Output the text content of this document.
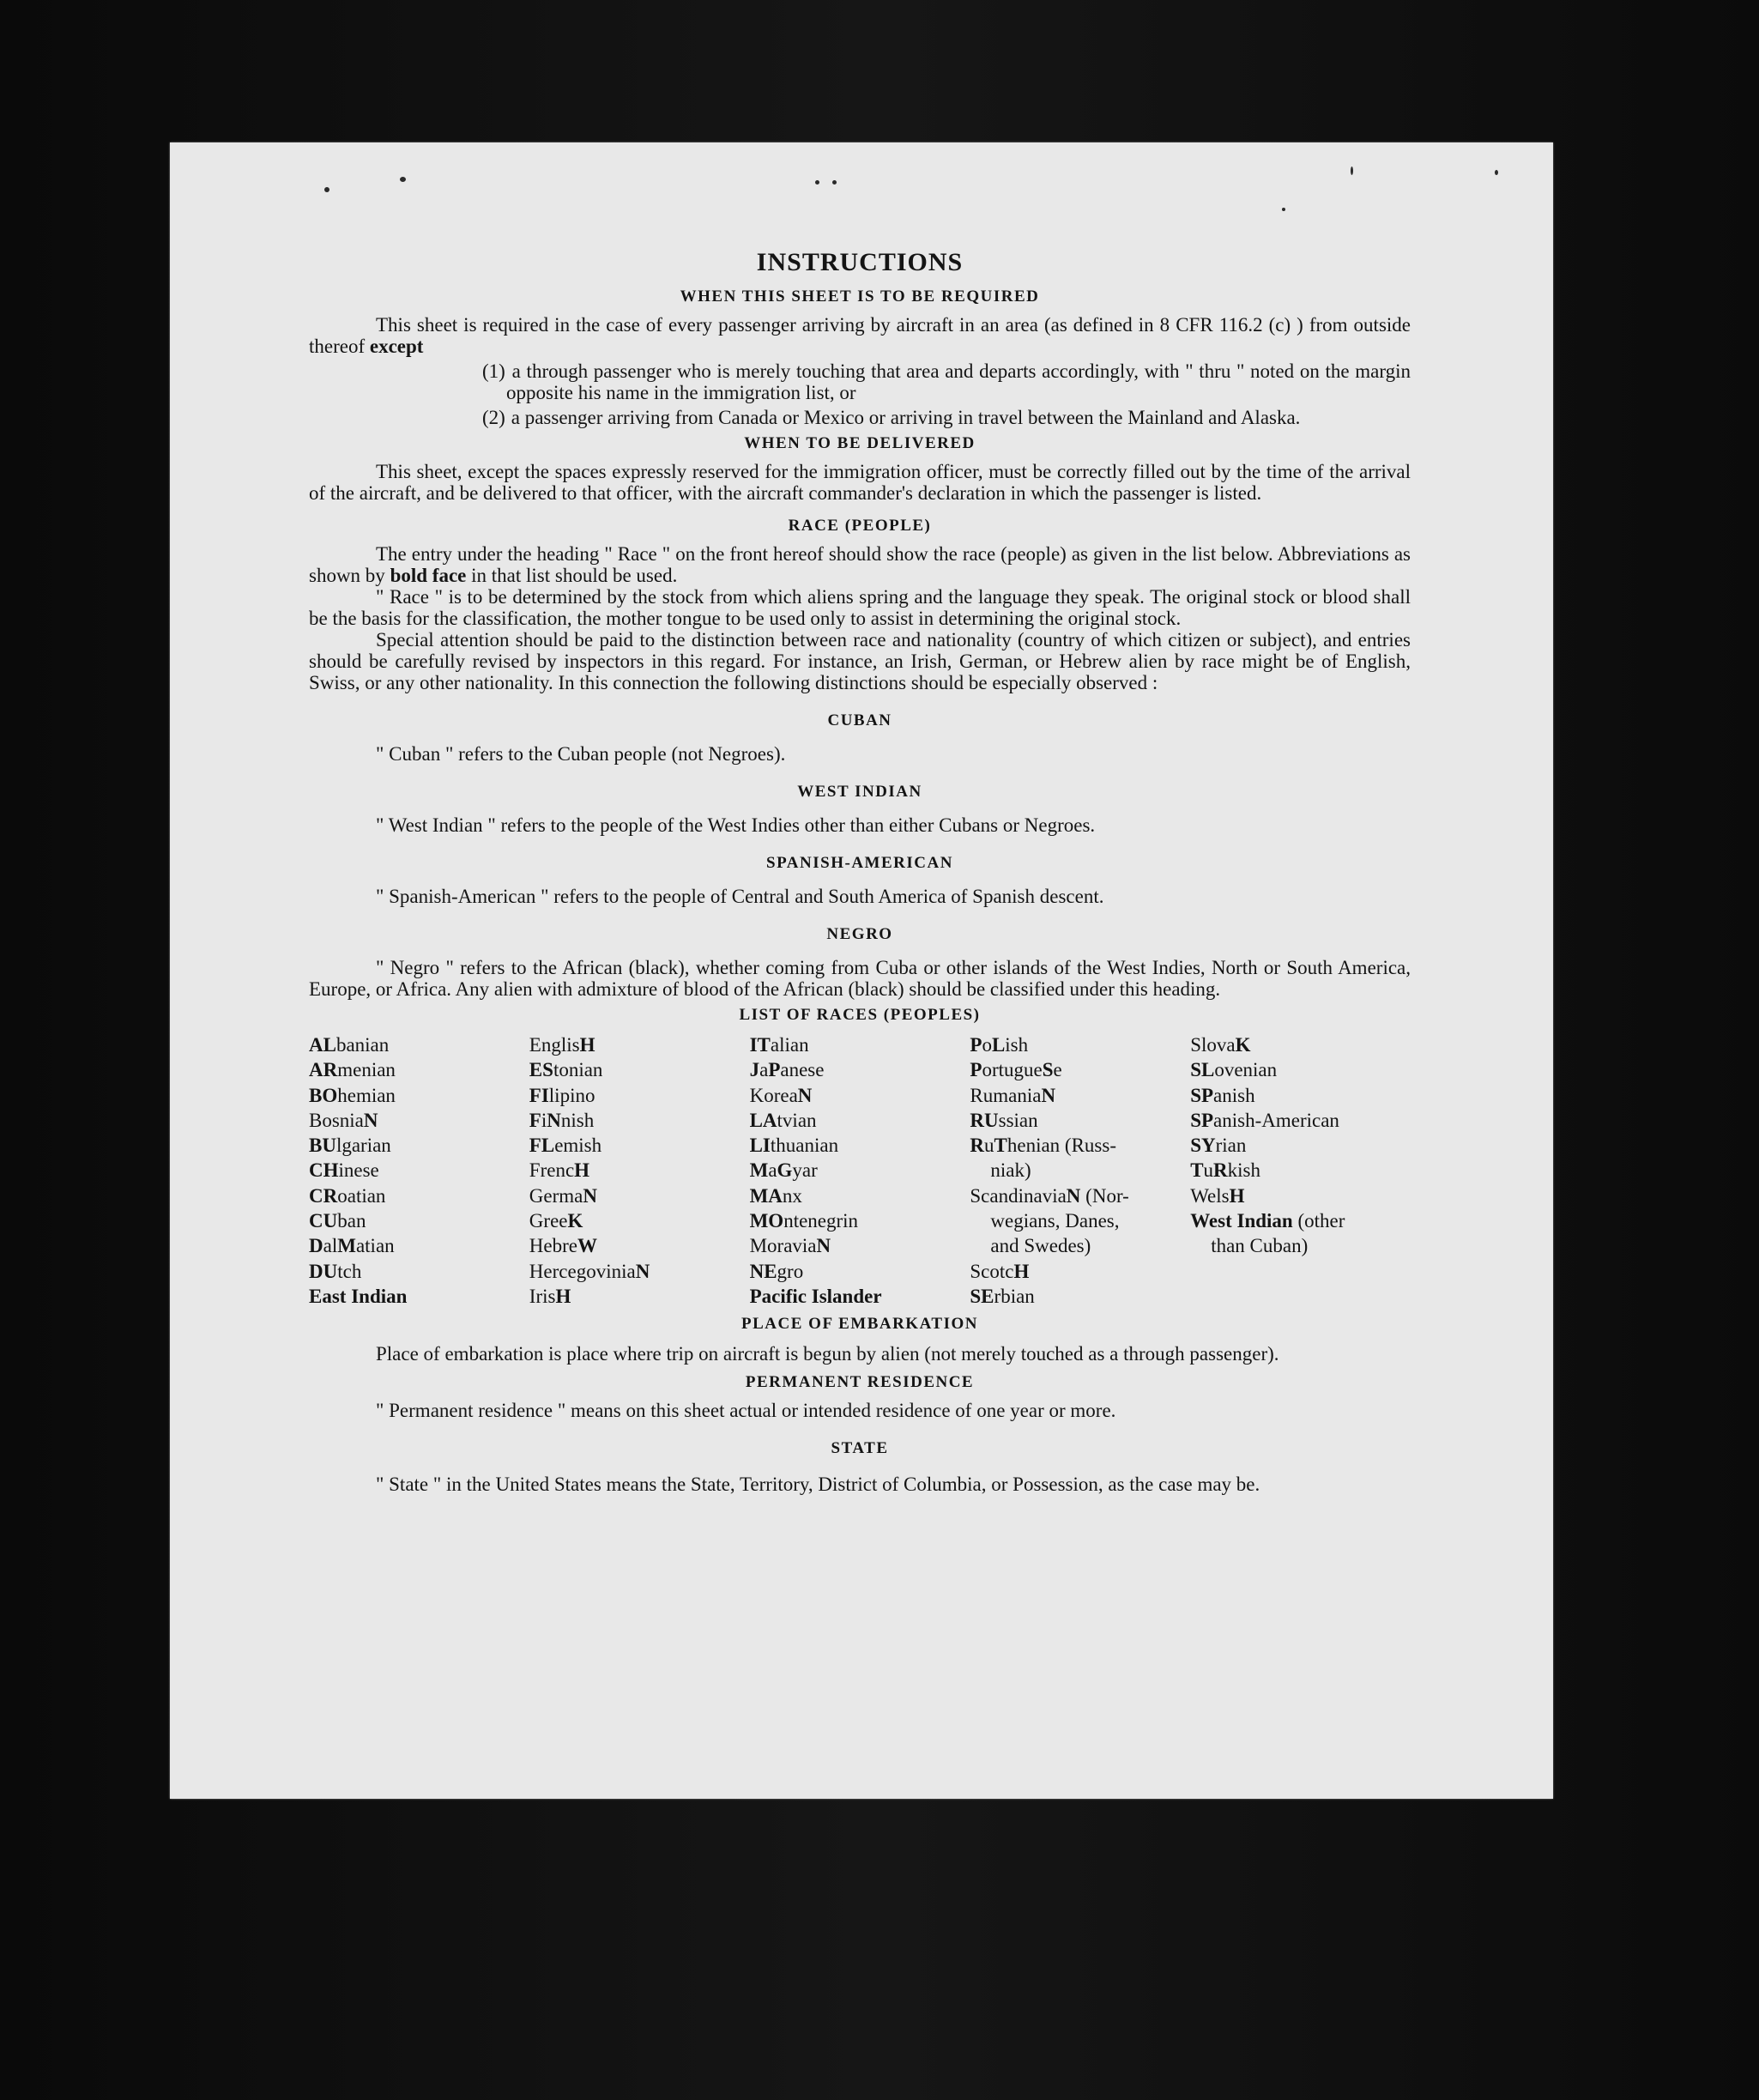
INSTRUCTIONS
WHEN THIS SHEET IS TO BE REQUIRED

This sheet is required in the case of every passenger arriving by aircraft in an area (as defined in 8 CFR 116.2 (c) ) from outside thereof except

(1) a through passenger who is merely touching that area and departs accordingly, with " thru " noted on the margin opposite his name in the immigration list, or

(2) a passenger arriving from Canada or Mexico or arriving in travel between the Mainland and Alaska.

WHEN TO BE DELIVERED

This sheet, except the spaces expressly reserved for the immigration officer, must be correctly filled out by the time of the arrival of the aircraft, and be delivered to that officer, with the aircraft commander's declaration in which the passenger is listed.

RACE (PEOPLE)

The entry under the heading " Race " on the front hereof should show the race (people) as given in the list below. Abbreviations as shown by bold face in that list should be used.

" Race " is to be determined by the stock from which aliens spring and the language they speak. The original stock or blood shall be the basis for the classification, the mother tongue to be used only to assist in determining the original stock.

Special attention should be paid to the distinction between race and nationality (country of which citizen or subject), and entries should be carefully revised by inspectors in this regard. For instance, an Irish, German, or Hebrew alien by race might be of English, Swiss, or any other nationality. In this connection the following distinctions should be especially observed :

CUBAN

" Cuban " refers to the Cuban people (not Negroes).

WEST INDIAN

" West Indian " refers to the people of the West Indies other than either Cubans or Negroes.

SPANISH-AMERICAN

" Spanish-American " refers to the people of Central and South America of Spanish descent.

NEGRO

" Negro " refers to the African (black), whether coming from Cuba or other islands of the West Indies, North or South America, Europe, or Africa. Any alien with admixture of blood of the African (black) should be classified under this heading.

LIST OF RACES (PEOPLES)
ALbanian
ARmenian
BOhemian
BosniaN
BUlgarian
CHinese
CRoatian
CUban
DalMatian
DUtch
East Indian
EnglisH
EStonian
FIlipino
FiNnish
FLemish
FrencH
GermaN
GreeK
HebreW
HercegoviniaN
IrisH
ITalian
JaPanese
KoreaN
LAtvian
LIthuanian
MaGyar
MAnx
MOntenegrin
MoraviaN
NEgro
Pacific Islander
PoLish
PortugueSe
RumaniaN
RUssian
RuThenian (Russ-
niak)
ScandinaviaN (Nor-
wegians, Danes,
and Swedes)
ScotcH
SErbian
SlovaK
SLovenian
SPanish
SPanish-American
SYrian
TuRkish
WelsH
West Indian (other
than Cuban)
PLACE OF EMBARKATION

Place of embarkation is place where trip on aircraft is begun by alien (not merely touched as a through passenger).

PERMANENT RESIDENCE

" Permanent residence " means on this sheet actual or intended residence of one year or more.

STATE

" State " in the United States means the State, Territory, District of Columbia, or Possession, as the case may be.
